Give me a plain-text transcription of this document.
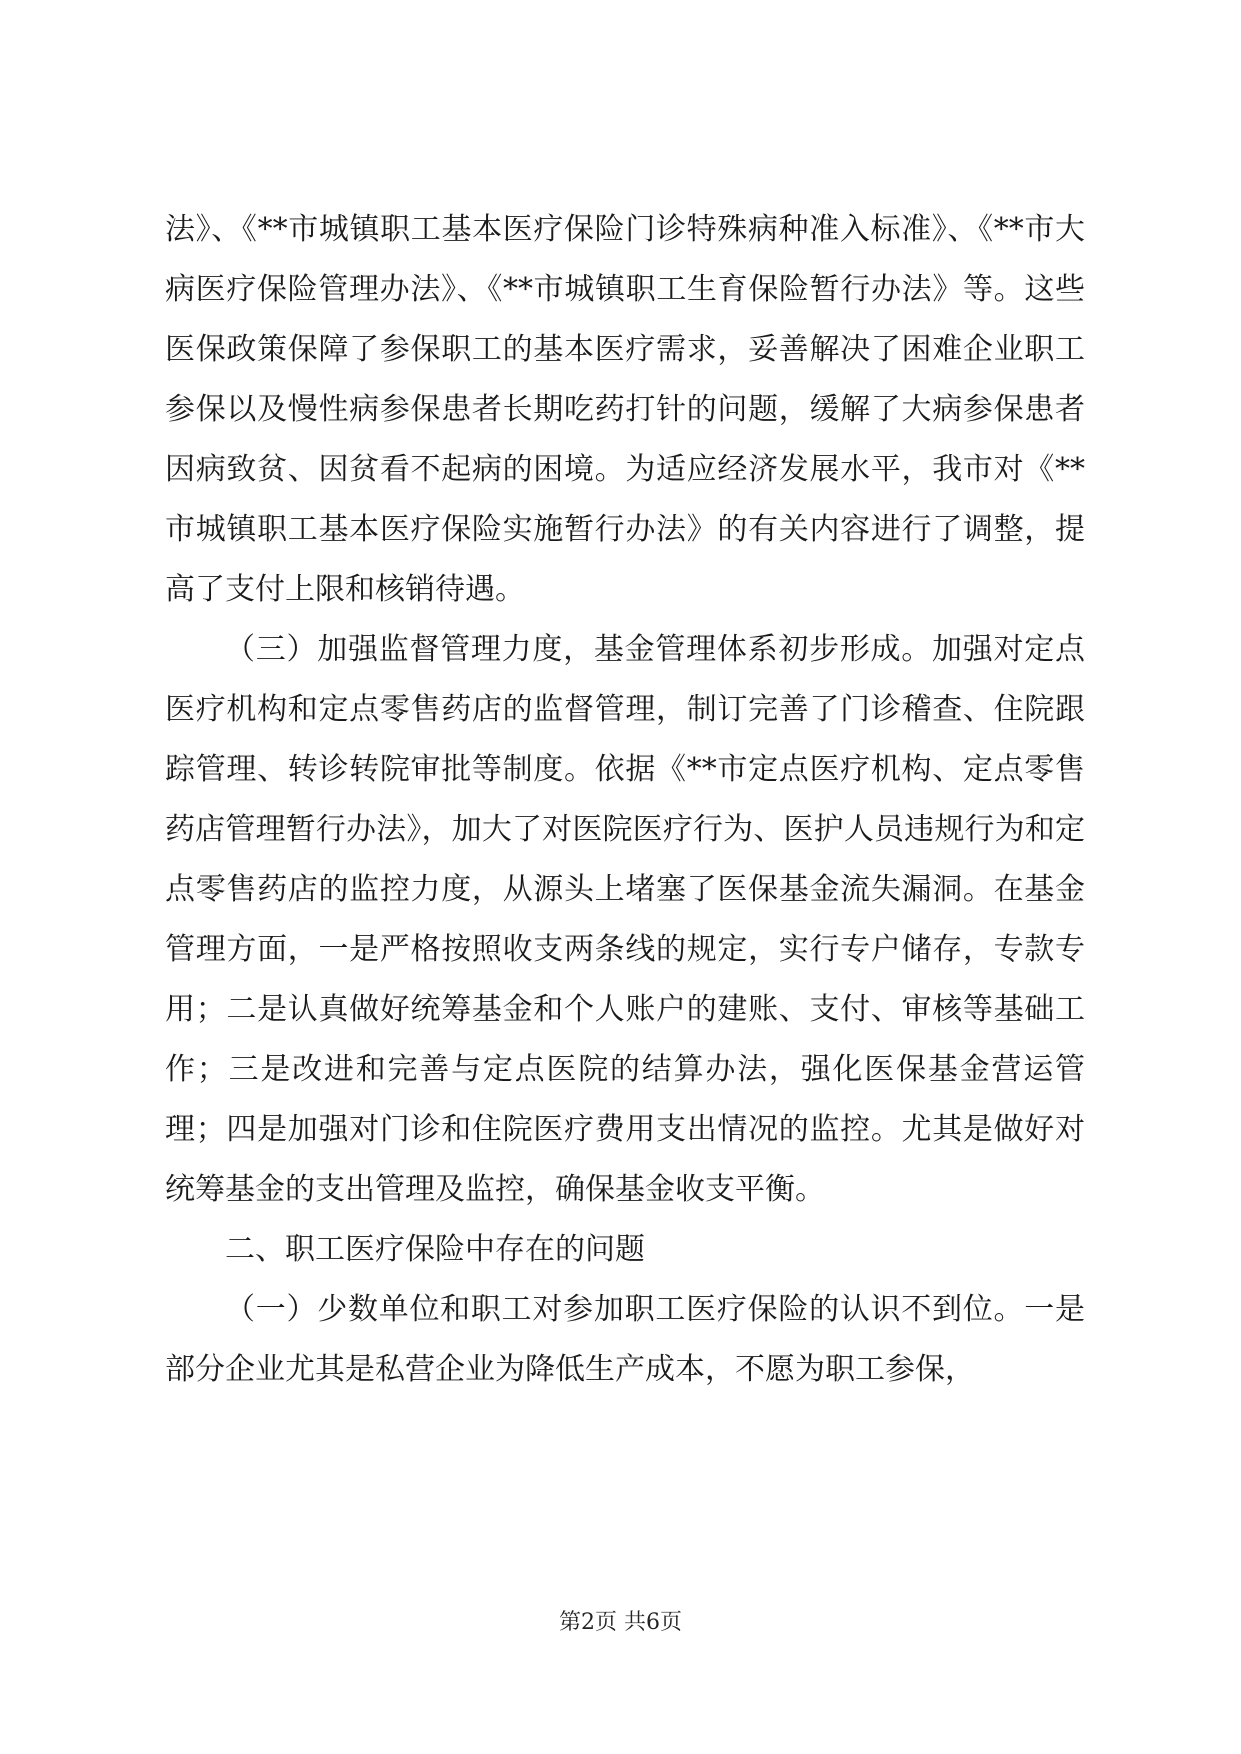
法》、《**市城镇职工基本医疗保险门诊特殊病种准入标准》、《**市大病医疗保险管理办法》、《**市城镇职工生育保险暂行办法》等。这些医保政策保障了参保职工的基本医疗需求，妥善解决了困难企业职工参保以及慢性病参保患者长期吃药打针的问题，缓解了大病参保患者因病致贫、因贫看不起病的困境。为适应经济发展水平，我市对《**市城镇职工基本医疗保险实施暂行办法》的有关内容进行了调整，提高了支付上限和核销待遇。

（三）加强监督管理力度，基金管理体系初步形成。加强对定点医疗机构和定点零售药店的监督管理，制订完善了门诊稽查、住院跟踪管理、转诊转院审批等制度。依据《**市定点医疗机构、定点零售药店管理暂行办法》，加大了对医院医疗行为、医护人员违规行为和定点零售药店的监控力度，从源头上堵塞了医保基金流失漏洞。在基金管理方面，一是严格按照收支两条线的规定，实行专户储存，专款专用；二是认真做好统筹基金和个人账户的建账、支付、审核等基础工作；三是改进和完善与定点医院的结算办法，强化医保基金营运管理；四是加强对门诊和住院医疗费用支出情况的监控。尤其是做好对统筹基金的支出管理及监控，确保基金收支平衡。

二、职工医疗保险中存在的问题

（一）少数单位和职工对参加职工医疗保险的认识不到位。一是部分企业尤其是私营企业为降低生产成本，不愿为职工参保，

第2页 共6页
